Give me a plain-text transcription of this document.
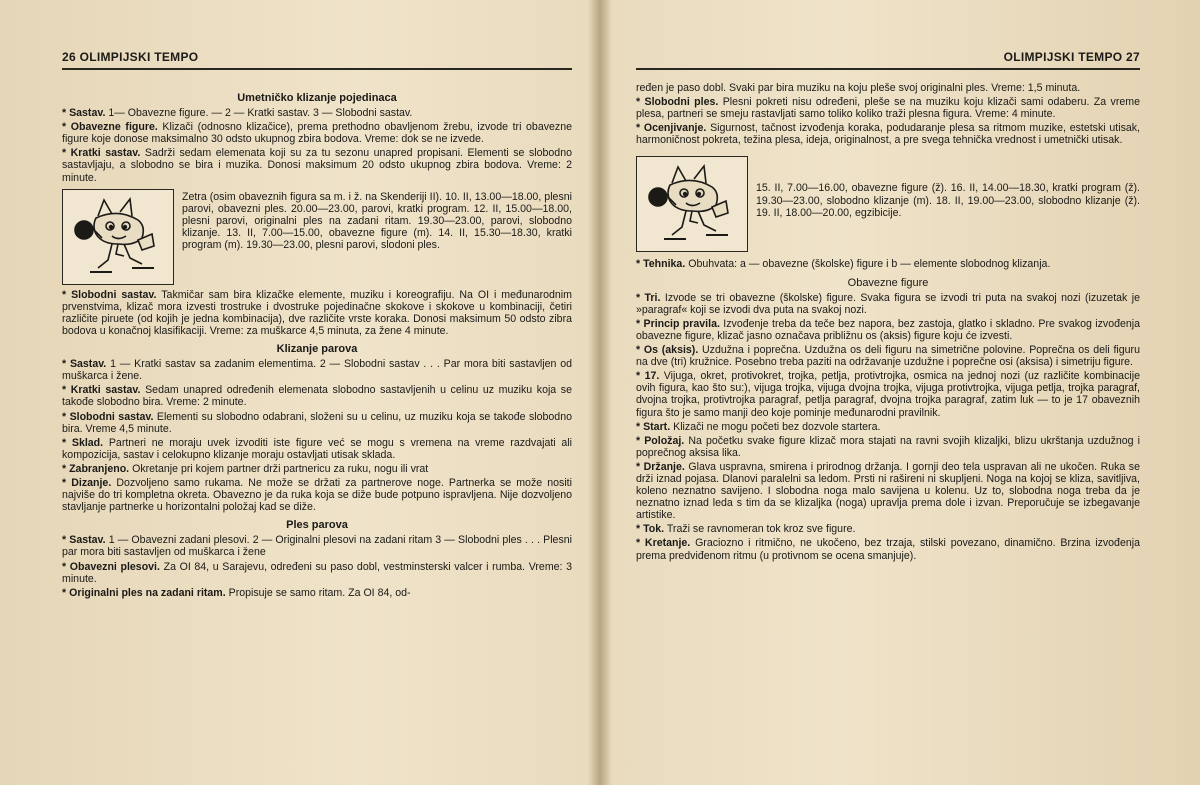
26 OLIMPIJSKI TEMPO
Umetničko klizanje pojedinaca

* Sastav. 1— Obavezne figure. — 2 — Kratki sastav. 3 — Slobodni sastav.

* Obavezne figure. Klizači (odnosno klizačice), prema prethodno obavljenom žrebu, izvode tri obavezne figure koje donose maksimalno 30 odsto ukupnog zbira bodova. Vreme: dok se ne izvede.

* Kratki sastav. Sadrži sedam elemenata koji su za tu sezonu unapred propisani. Elementi se slobodno sastavljaju, a slobodno se bira i muzika. Donosi maksimum 20 odsto ukupnog zbira bodova. Vreme: 2 minute.

Zetra (osim obaveznih figura sa m. i ž. na Skenderiji II). 10. II, 13.00—18.00, plesni parovi, obavezni ples. 20.00—23.00, parovi, kratki program. 12. II, 15.00—18.00, plesni parovi, originalni ples na zadani ritam. 19.30—23.00, parovi, slobodno klizanje. 13. II, 7.00—15.00, obavezne figure (m). 14. II, 15.30—18.30, kratki program (m). 19.30—23.00, plesni parovi, slodoni ples.

* Slobodni sastav. Takmičar sam bira klizačke elemente, muziku i koreografiju. Na OI i međunarodnim prvenstvima, klizač mora izvesti trostruke i dvostruke pojedinačne skokove i skokove u kombinaciji, četiri različite piruete (od kojih je jedna kombinacija), dve različite vrste koraka. Donosi maksimum 50 odsto zibra bodova u konačnoj klasifikaciji. Vreme: za muškarce 4,5 minuta, za žene 4 minute.

Klizanje parova

* Sastav. 1 — Kratki sastav sa zadanim elementima. 2 — Slobodni sastav . . . Par mora biti sastavljen od muškarca i žene.

* Kratki sastav. Sedam unapred određenih elemenata slobodno sastavljenih u celinu uz muziku koja se takođe slobodno bira. Vreme: 2 minute.

* Slobodni sastav. Elementi su slobodno odabrani, složeni su u celinu, uz muziku koja se takođe slobodno bira. Vreme 4,5 minute.

* Sklad. Partneri ne moraju uvek izvoditi iste figure već se mogu s vremena na vreme razdvajati ali kompozicija, sastav i celokupno klizanje moraju ostavljati utisak sklada.

* Zabranjeno. Okretanje pri kojem partner drži partnericu za ruku, nogu ili vrat

* Dizanje. Dozvoljeno samo rukama. Ne može se držati za partnerove noge. Partnerka se može nositi najviše do tri kompletna okreta. Obavezno je da ruka koja se diže bude potpuno ispravljena. Nije dozvoljeno stavljanje partnerke u horizontalni položaj kad se diže.

Ples parova

* Sastav. 1 — Obavezni zadani plesovi. 2 — Originalni plesovi na zadani ritam 3 — Slobodni ples . . . Plesni par mora biti sastavljen od muškarca i žene

* Obavezni plesovi. Za OI 84, u Sarajevu, određeni su paso dobl, vestminsterski valcer i rumba. Vreme: 3 minute.

* Originalni ples na zadani ritam. Propisuje se samo ritam. Za OI 84, od-

OLIMPIJSKI TEMPO 27

ređen je paso dobl. Svaki par bira muziku na koju pleše svoj originalni ples. Vreme: 1,5 minuta.

* Slobodni ples. Plesni pokreti nisu određeni, pleše se na muziku koju klizači sami odaberu. Za vreme plesa, partneri se smeju rastavljati samo toliko koliko traži plesna figura. Vreme: 4 minute.

* Ocenjivanje. Sigurnost, tačnost izvođenja koraka, podudaranje plesa sa ritmom muzike, estetski utisak, harmoničnost pokreta, težina plesa, ideja, originalnost, a pre svega tehnička vrednost i umetnički utisak.

15. II, 7.00—16.00, obavezne figure (ž). 16. II, 14.00—18.30, kratki program (ž). 19.30—23.00, slobodno klizanje (m). 18. II, 19.00—23.00, slobodno klizanje (ž). 19. II, 18.00—20.00, egzibicije.

* Tehnika. Obuhvata: a — obavezne (školske) figure i b — elemente slobodnog klizanja.

Obavezne figure

* Tri. Izvode se tri obavezne (školske) figure. Svaka figura se izvodi tri puta na svakoj nozi (izuzetak je »paragraf« koji se izvodi dva puta na svakoj nozi.

* Princip pravila. Izvođenje treba da teče bez napora, bez zastoja, glatko i skladno. Pre svakog izvođenja obavezne figure, klizač jasno označava približnu os (aksis) figure koju će izvesti.

* Os (aksis). Uzdužna i poprečna. Uzdužna os deli figuru na simetrične polovine. Poprečna os deli figuru na dve (tri) kružnice. Posebno treba paziti na održavanje uzdužne i poprečne osi (aksisa) i simetriju figure.

* 17. Vijuga, okret, protivokret, trojka, petlja, protivtrojka, osmica na jednoj nozi (uz različite kombinacije ovih figura, kao što su:), vijuga trojka, vijuga dvojna trojka, vijuga protivtrojka, vijuga petlja, trojka paragraf, dvojna trojka, protivtrojka paragraf, petlja paragraf, dvojna trojka paragraf, zatim luk — to je 17 obaveznih figura što je samo manji deo koje pominje međunarodni pravilnik.

* Start. Klizači ne mogu početi bez dozvole startera.

* Položaj. Na početku svake figure klizač mora stajati na ravni svojih klizaljki, blizu ukrštanja uzdužnog i poprečnog aksisa lika.

* Držanje. Glava uspravna, smirena i prirodnog držanja. I gornji deo tela uspravan ali ne ukočen. Ruka se drži iznad pojasa. Dlanovi paralelni sa ledom. Prsti ni rašireni ni skupljeni. Noga na kojoj se kliza, savitljiva, koleno neznatno savijeno. I slobodna noga malo savijena u kolenu. Uz to, slobodna noga treba da je neznatno iznad leda s tim da se klizaljka (noga) upravlja prema dole i izvan. Preporučuje se izbegavanje artistike.

* Tok. Traži se ravnomeran tok kroz sve figure.

* Kretanje. Graciozno i ritmično, ne ukočeno, bez trzaja, stilski povezano, dinamično. Brzina izvođenja prema predviđenom ritmu (u protivnom se ocena smanjuje).
